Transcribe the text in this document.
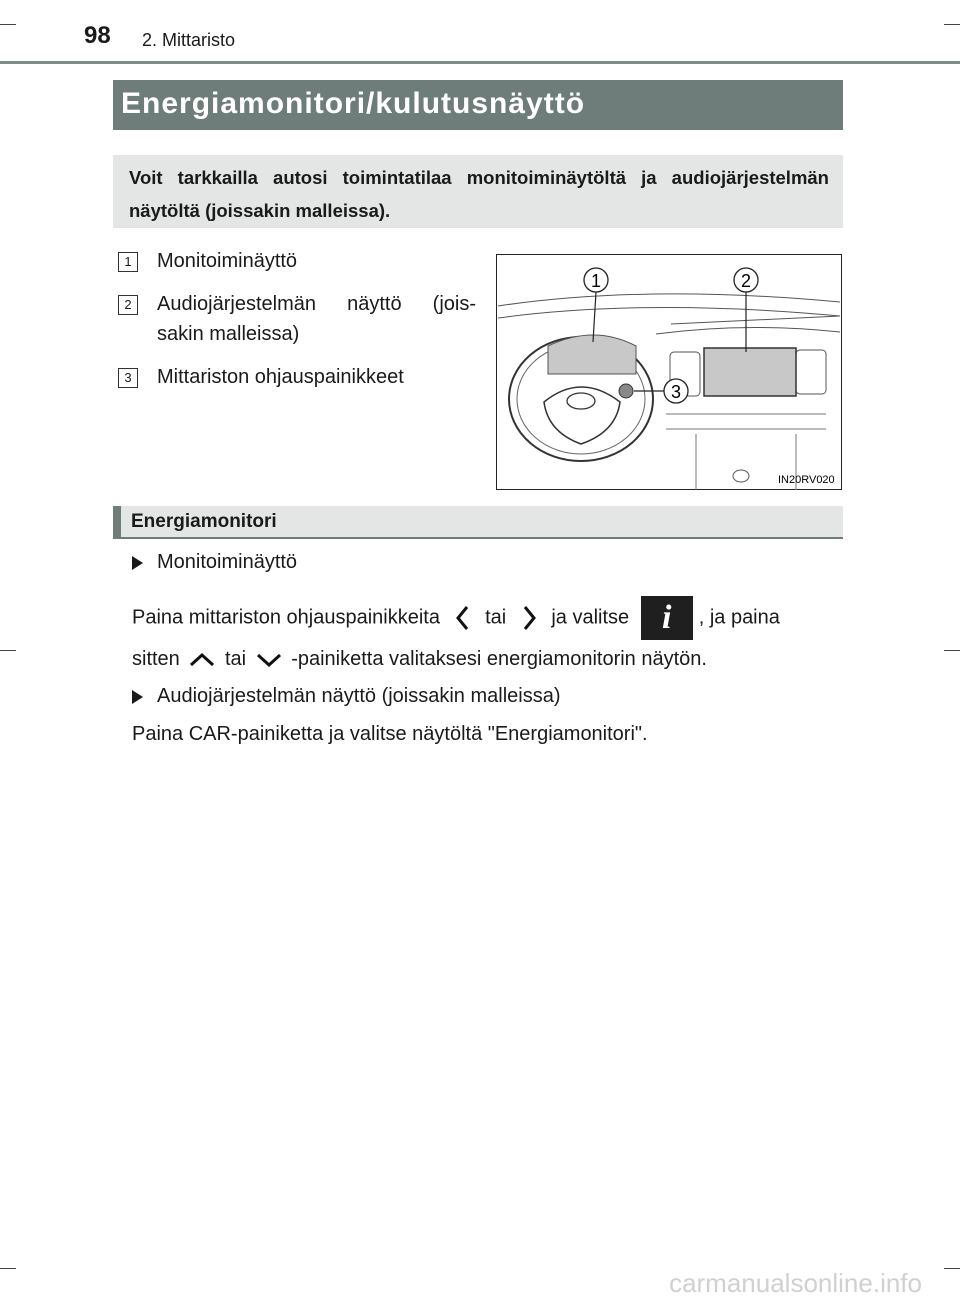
98 2. Mittaristo
Energiamonitori/kulutusnäyttö
Voit tarkkailla autosi toimintatilaa monitoiminäytöltä ja audiojärjestelmän näytöltä (joissakin malleissa).
1	Monitoiminäyttö
2	Audiojärjestelmän näyttö (jois-
sakin malleissa)
3	Mittariston ohjauspainikkeet
1	2
3
IN20RV020
Energiamonitori
Monitoiminäyttö
Paina mittariston ohjauspainikkeita tai ja valitse i , ja paina
sitten tai -painiketta valitaksesi energiamonitorin näytön.
Audiojärjestelmän näyttö (joissakin malleissa)
Paina CAR-painiketta ja valitse näytöltä "Energiamonitori".
carmanualsonline.info
